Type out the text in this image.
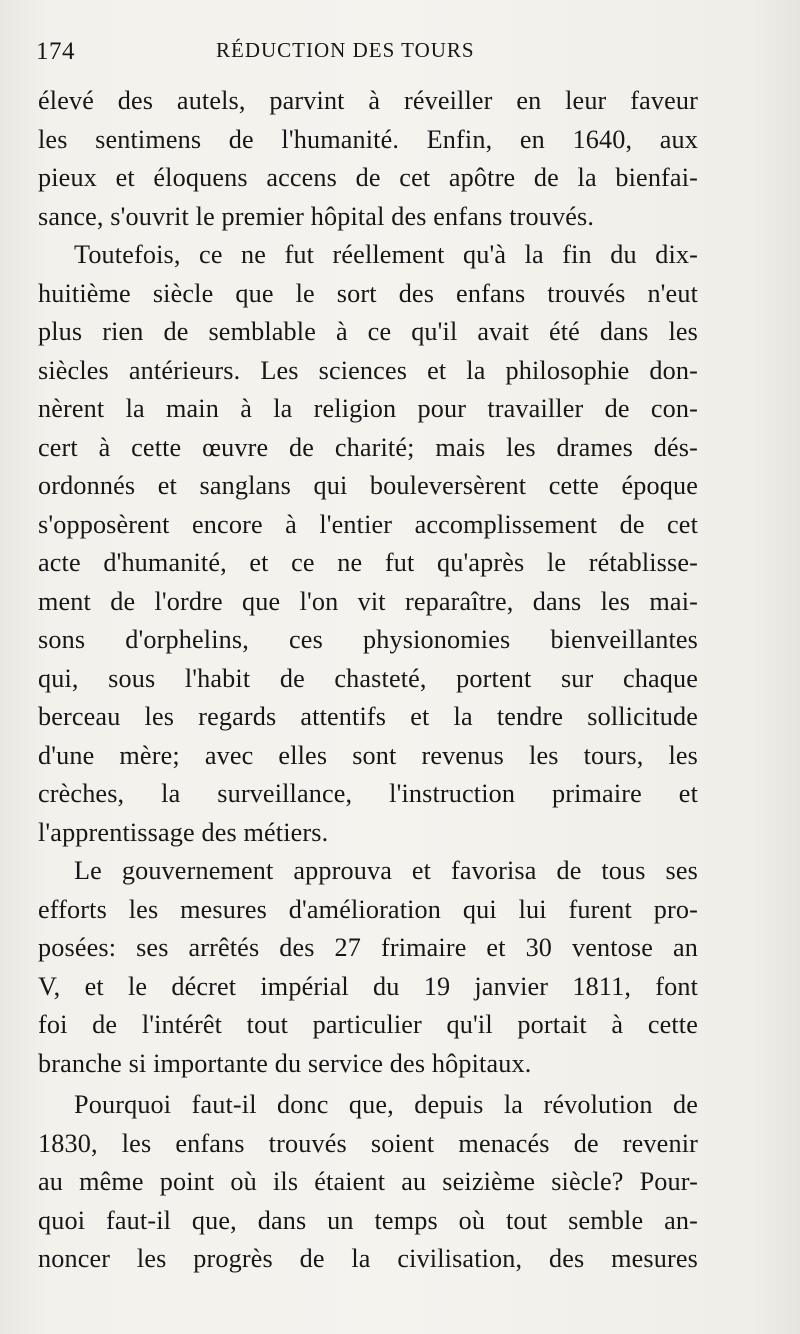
174	RÉDUCTION DES TOURS
élevé des autels, parvint à réveiller en leur faveur
les sentimens de l'humanité. Enfin, en 1640, aux
pieux et éloquens accens de cet apôtre de la bienfai-
sance, s'ouvrit le premier hôpital des enfans trouvés.
Toutefois, ce ne fut réellement qu'à la fin du dix-
huitième siècle que le sort des enfans trouvés n'eut
plus rien de semblable à ce qu'il avait été dans les
siècles antérieurs. Les sciences et la philosophie don-
nèrent la main à la religion pour travailler de con-
cert à cette œuvre de charité; mais les drames dés-
ordonnés et sanglans qui bouleversèrent cette époque
s'opposèrent encore à l'entier accomplissement de cet
acte d'humanité, et ce ne fut qu'après le rétablisse-
ment de l'ordre que l'on vit reparaître, dans les mai-
sons d'orphelins, ces physionomies bienveillantes
qui, sous l'habit de chasteté, portent sur chaque
berceau les regards attentifs et la tendre sollicitude
d'une mère; avec elles sont revenus les tours, les
crèches, la surveillance, l'instruction primaire et
l'apprentissage des métiers.
Le gouvernement approuva et favorisa de tous ses
efforts les mesures d'amélioration qui lui furent pro-
posées: ses arrêtés des 27 frimaire et 30 ventose an
V, et le décret impérial du 19 janvier 1811, font
foi de l'intérêt tout particulier qu'il portait à cette
branche si importante du service des hôpitaux.
Pourquoi faut-il donc que, depuis la révolution de
1830, les enfans trouvés soient menacés de revenir
au même point où ils étaient au seizième siècle? Pour-
quoi faut-il que, dans un temps où tout semble an-
noncer les progrès de la civilisation, des mesures
